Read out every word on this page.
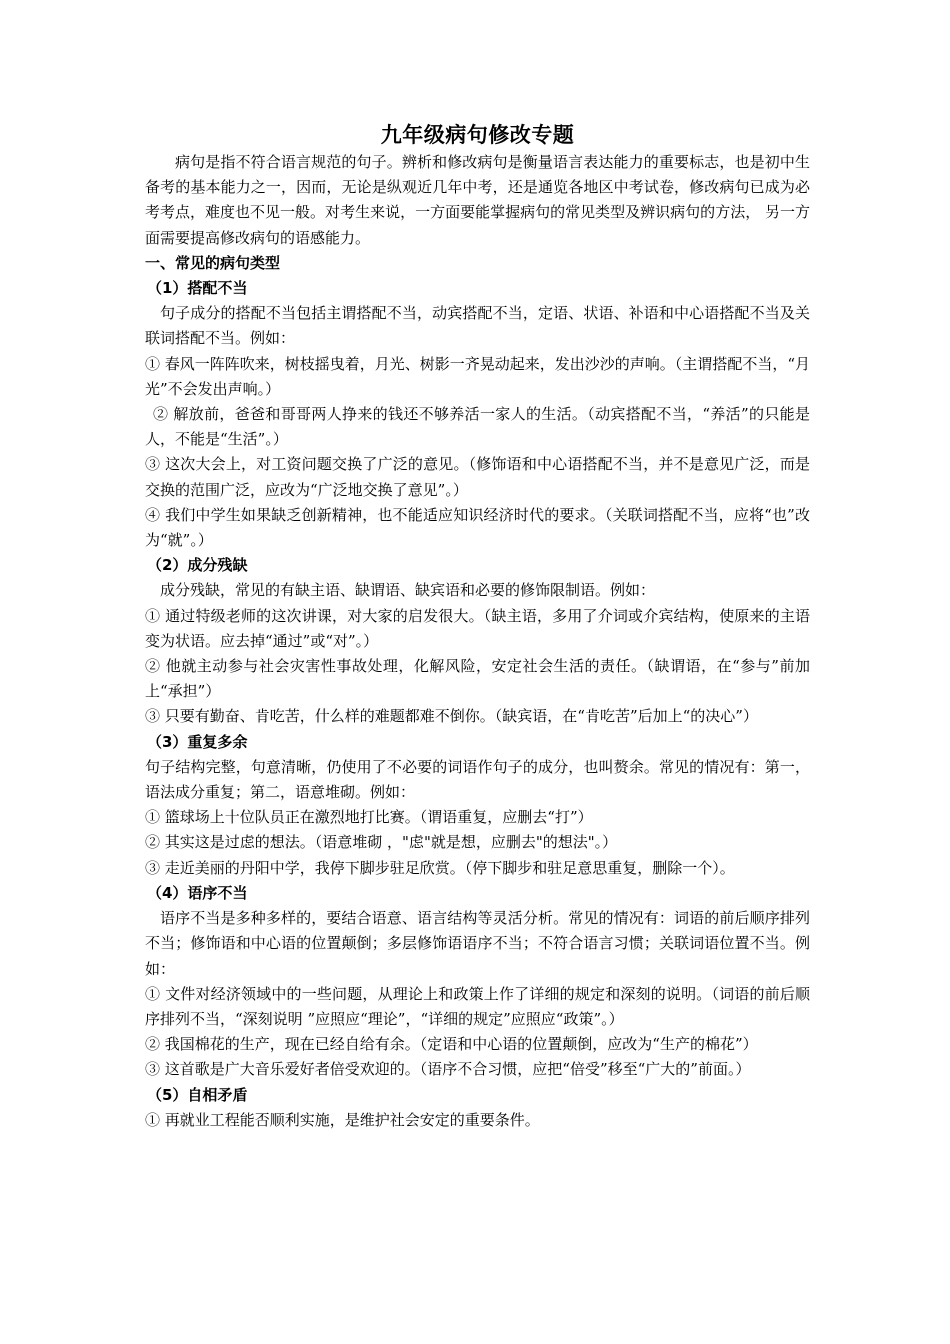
九年级病句修改专题

病句是指不符合语言规范的句子。辨析和修改病句是衡量语言表达能力的重要标志，也是初中生备考的基本能力之一，因而，无论是纵观近几年中考，还是通览各地区中考试卷，修改病句已成为必考考点，难度也不见一般。对考生来说，一方面要能掌握病句的常见类型及辨识病句的方法， 另一方面需要提高修改病句的语感能力。

一、常见的病句类型

（1）搭配不当

句子成分的搭配不当包括主谓搭配不当，动宾搭配不当，定语、状语、补语和中心语搭配不当及关联词搭配不当。例如：

① 春风一阵阵吹来，树枝摇曳着，月光、树影一齐晃动起来，发出沙沙的声响。（主谓搭配不当，“月光”不会发出声响。）

② 解放前，爸爸和哥哥两人挣来的钱还不够养活一家人的生活。（动宾搭配不当，“养活”的只能是人，不能是“生活”。）

③ 这次大会上，对工资问题交换了广泛的意见。（修饰语和中心语搭配不当，并不是意见广泛，而是交换的范围广泛，应改为“广泛地交换了意见”。）

④ 我们中学生如果缺乏创新精神，也不能适应知识经济时代的要求。（关联词搭配不当，应将“也”改为“就”。）

（2）成分残缺

成分残缺，常见的有缺主语、缺谓语、缺宾语和必要的修饰限制语。例如：

① 通过特级老师的这次讲课，对大家的启发很大。（缺主语，多用了介词或介宾结构，使原来的主语变为状语。应去掉“通过”或“对”。）

② 他就主动参与社会灾害性事故处理，化解风险，安定社会生活的责任。（缺谓语，在“参与”前加上“承担”）

③ 只要有勤奋、肯吃苦，什么样的难题都难不倒你。（缺宾语，在“肯吃苦”后加上“的决心”）

（3）重复多余

句子结构完整，句意清晰，仍使用了不必要的词语作句子的成分，也叫赘余。常见的情况有：第一， 语法成分重复；第二，语意堆砌。例如：

① 篮球场上十位队员正在激烈地打比赛。（谓语重复，应删去“打”）

② 其实这是过虑的想法。（语意堆砌 ，"虑"就是想，应删去"的想法"。）

③ 走近美丽的丹阳中学，我停下脚步驻足欣赏。（停下脚步和驻足意思重复，删除一个）。

（4）语序不当

语序不当是多种多样的，要结合语意、语言结构等灵活分析。常见的情况有：词语的前后顺序排列不当；修饰语和中心语的位置颠倒；多层修饰语语序不当；不符合语言习惯；关联词语位置不当。例如：

① 文件对经济领域中的一些问题，从理论上和政策上作了详细的规定和深刻的说明。（词语的前后顺序排列不当，“深刻说明 ”应照应“理论”，“详细的规定”应照应“政策”。）

② 我国棉花的生产，现在已经自给有余。（定语和中心语的位置颠倒，应改为“生产的棉花”）

③ 这首歌是广大音乐爱好者倍受欢迎的。（语序不合习惯，应把“倍受”移至“广大的”前面。）

（5）自相矛盾

① 再就业工程能否顺利实施，是维护社会安定的重要条件。
